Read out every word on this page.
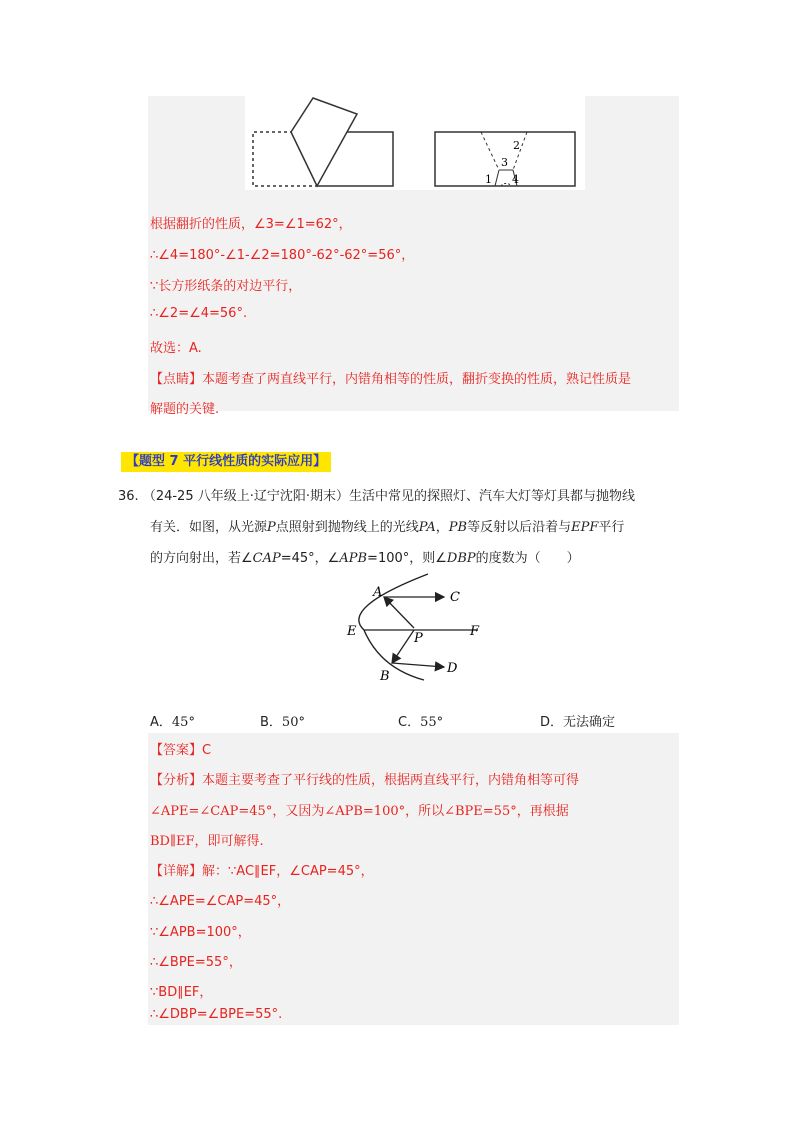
2
3
1 4
根据翻折的性质，∠3=∠1=62°，
∴∠4=180°-∠1-∠2=180°-62°-62°=56°，
∵长方形纸条的对边平行，
∴∠2=∠4=56°.
故选：A.
【点睛】本题考查了两直线平行，内错角相等的性质，翻折变换的性质，熟记性质是
解题的关键.
【题型 7 平行线性质的实际应用】
36. （24-25 八年级上·辽宁沈阳·期末）生活中常见的探照灯、汽车大灯等灯具都与抛物线
有关．如图，从光源P点照射到抛物线上的光线PA，PB等反射以后沿着与EPF平行
的方向射出，若∠CAP=45°，∠APB=100°，则∠DBP的度数为（　　）
A	C
E	P	F
B
D
A．45°	B．50°	C．55°	D．无法确定
【答案】C
【分析】本题主要考查了平行线的性质，根据两直线平行，内错角相等可得
∠APE=∠CAP=45°，又因为∠APB=100°，所以∠BPE=55°，再根据
BD∥EF，即可解得.
【详解】解：∵AC∥EF，∠CAP=45°，
∴∠APE=∠CAP=45°，
∵∠APB=100°，
∴∠BPE=55°，
∵BD∥EF，
∴∠DBP=∠BPE=55°.
